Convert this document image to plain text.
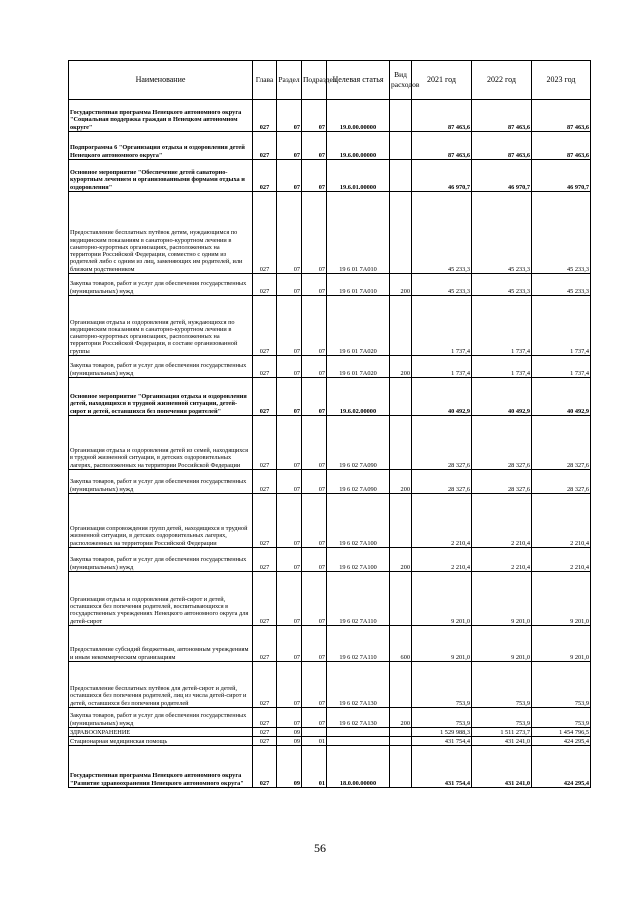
Наименование	Глава	Раздел	Подраздел	Целевая статья	Вид расходов	2021 год	2022 год	2023 год
Государственная программа Ненецкого автономного округа "Социальная поддержка граждан в Ненецком автономном округе"	027	07	07	19.0.00.00000		87 463,6	87 463,6	87 463,6
Подпрограмма 6 "Организация отдыха и оздоровления детей Ненецкого автономного округа"	027	07	07	19.6.00.00000		87 463,6	87 463,6	87 463,6
Основное мероприятие "Обеспечение детей санаторно-курортным лечением и организованными формами отдыха и оздоровления"	027	07	07	19.6.01.00000		46 970,7	46 970,7	46 970,7
Предоставление бесплатных путёвок детям, нуждающимся по медицинским показаниям в санаторно-курортном лечении в санаторно-курортных организациях, расположенных на территории Российской Федерации, совместно с одним из родителей либо с одним из лиц, заменяющих им родителей, или близким родственником	027	07	07	19 6 01 7А010		45 233,3	45 233,3	45 233,3
Закупка товаров, работ и услуг для обеспечения государственных (муниципальных) нужд	027	07	07	19 6 01 7А010	200	45 233,3	45 233,3	45 233,3
Организация отдыха и оздоровления детей, нуждающихся по медицинским показаниям в санаторно-курортном лечении в санаторно-курортных организациях, расположенных на территории Российской Федерации, в составе организованной группы	027	07	07	19 6 01 7А020		1 737,4	1 737,4	1 737,4
Закупка товаров, работ и услуг для обеспечения государственных (муниципальных) нужд	027	07	07	19 6 01 7А020	200	1 737,4	1 737,4	1 737,4
Основное мероприятие "Организация отдыха и оздоровления детей, находящихся в трудной жизненной ситуации, детей-сирот и детей, оставшихся без попечения родителей"	027	07	07	19.6.02.00000		40 492,9	40 492,9	40 492,9
Организация отдыха и оздоровления детей из семей, находящихся в трудной жизненной ситуации, в детских оздоровительных лагерях, расположенных на территории Российской Федерации	027	07	07	19 6 02 7А090		28 327,6	28 327,6	28 327,6
Закупка товаров, работ и услуг для обеспечения государственных (муниципальных) нужд	027	07	07	19 6 02 7А090	200	28 327,6	28 327,6	28 327,6
Организация сопровождения групп детей, находящихся в трудной жизненной ситуации, в детских оздоровительных лагерях, расположенных на территории Российской Федерации	027	07	07	19 6 02 7А100		2 210,4	2 210,4	2 210,4
Закупка товаров, работ и услуг для обеспечения государственных (муниципальных) нужд	027	07	07	19 6 02 7А100	200	2 210,4	2 210,4	2 210,4
Организация отдыха и оздоровления детей-сирот и детей, оставшихся без попечения родителей, воспитывающихся в государственных учреждениях Ненецкого автономного округа для детей-сирот	027	07	07	19 6 02 7А110		9 201,0	9 201,0	9 201,0
Предоставление субсидий бюджетным, автономным учреждениям и иным некоммерческим организациям	027	07	07	19 6 02 7А110	600	9 201,0	9 201,0	9 201,0
Предоставление бесплатных путёвок для детей-сирот и детей, оставшихся без попечения родителей, лиц из числа детей-сирот и детей, оставшихся без попечения родителей	027	07	07	19 6 02 7А130		753,9	753,9	753,9
Закупка товаров, работ и услуг для обеспечения государственных (муниципальных) нужд	027	07	07	19 6 02 7А130	200	753,9	753,9	753,9
ЗДРАВООХРАНЕНИЕ	027	09				1 529 988,3	1 511 273,7	1 454 796,5
Стационарная медицинская помощь	027	09	01			431 754,4	431 241,0	424 295,4
Государственная программа Ненецкого автономного округа "Развитие здравоохранения Ненецкого автономного округа"	027	09	01	18.0.00.00000		431 754,4	431 241,0	424 295,4
56
